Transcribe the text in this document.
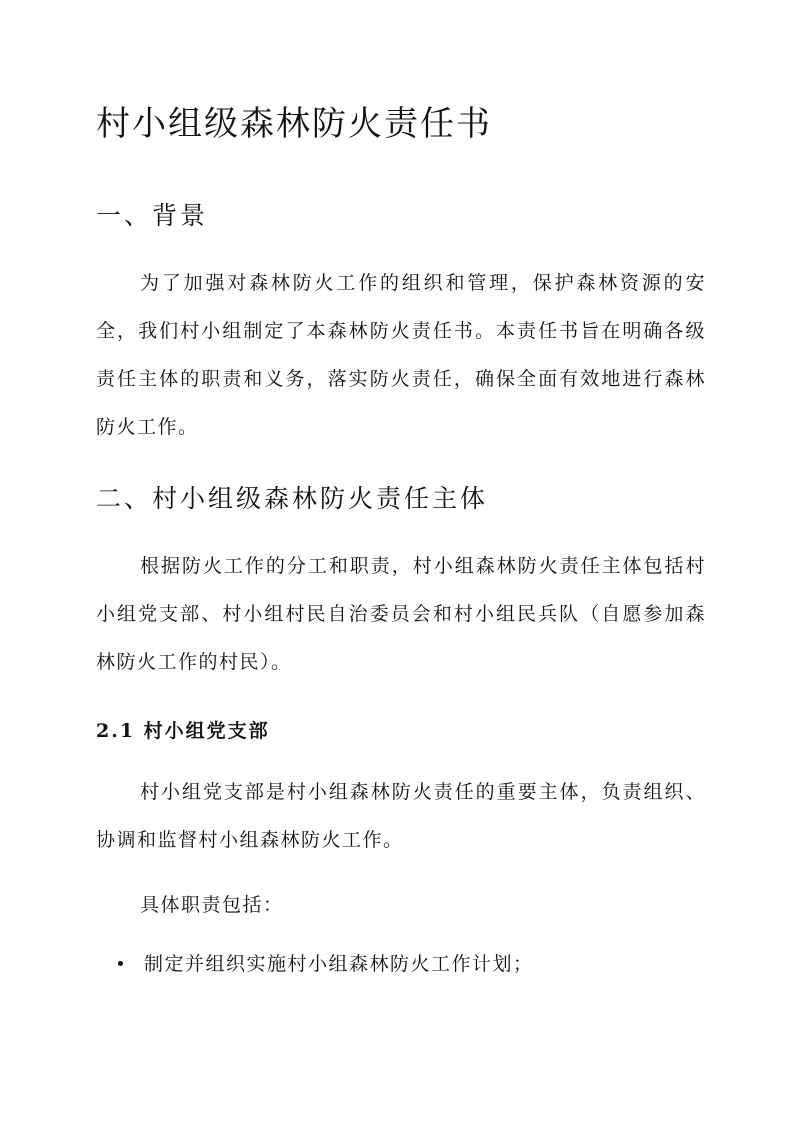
村小组级森林防火责任书
一、背景

为了加强对森林防火工作的组织和管理，保护森林资源的安全，我们村小组制定了本森林防火责任书。本责任书旨在明确各级责任主体的职责和义务，落实防火责任，确保全面有效地进行森林防火工作。

二、村小组级森林防火责任主体

根据防火工作的分工和职责，村小组森林防火责任主体包括村小组党支部、村小组村民自治委员会和村小组民兵队（自愿参加森林防火工作的村民）。

2.1 村小组党支部

村小组党支部是村小组森林防火责任的重要主体，负责组织、协调和监督村小组森林防火工作。

具体职责包括：

制定并组织实施村小组森林防火工作计划；
